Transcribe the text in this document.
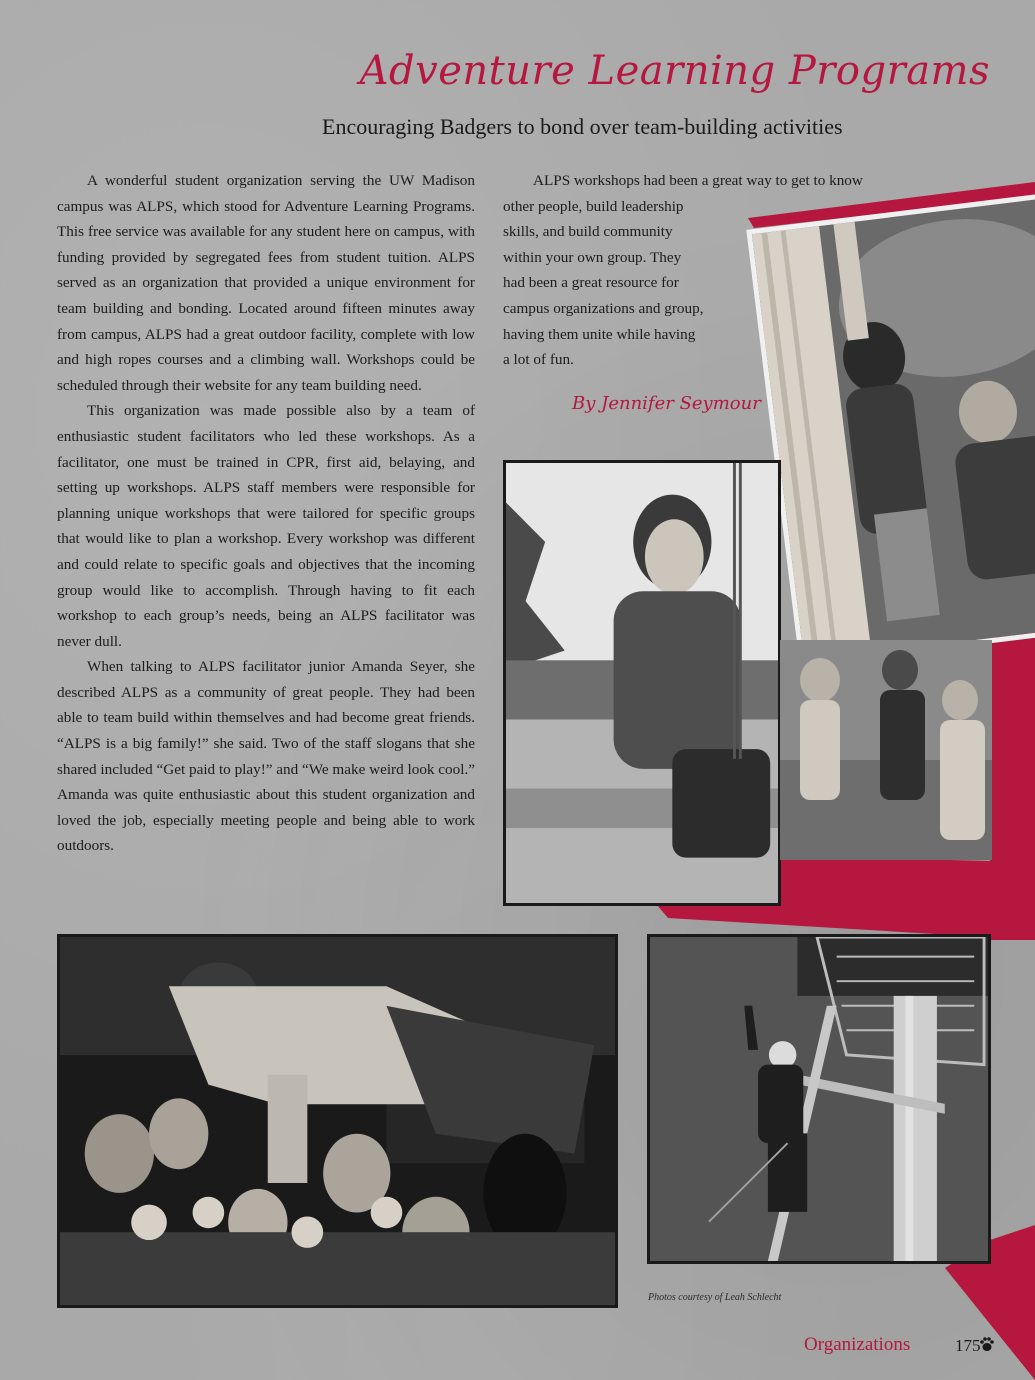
Adventure Learning Programs
Encouraging Badgers to bond over team-building activities

A wonderful student organization serving the UW Madison campus was ALPS, which stood for Adventure Learning Programs. This free service was available for any student here on campus, with funding provided by segregated fees from student tuition. ALPS served as an organization that provided a unique environment for team building and bonding. Located around fifteen minutes away from campus, ALPS had a great outdoor facility, complete with low and high ropes courses and a climbing wall. Workshops could be scheduled through their website for any team building need.

This organization was made possible also by a team of enthusiastic student facilitators who led these workshops. As a facilitator, one must be trained in CPR, first aid, belaying, and setting up workshops. ALPS staff members were responsible for planning unique workshops that were tailored for specific groups that would like to plan a workshop. Every workshop was different and could relate to specific goals and objectives that the incoming group would like to accomplish. Through having to fit each workshop to each group’s needs, being an ALPS facilitator was never dull.

When talking to ALPS facilitator junior Amanda Seyer, she described ALPS as a community of great people. They had been able to team build within themselves and had become great friends. “ALPS is a big family!” she said. Two of the staff slogans that she shared included “Get paid to play!” and “We make weird look cool.” Amanda was quite enthusiastic about this student organization and loved the job, especially meeting people and being able to work outdoors.

ALPS workshops had been a great way to get to know
other people, build leadership
skills, and build community
within your own group. They
had been a great resource for
campus organizations and group,
having them unite while having
a lot of fun.
By Jennifer Seymour
Photos courtesy of Leah Schlecht
Organizations	175
